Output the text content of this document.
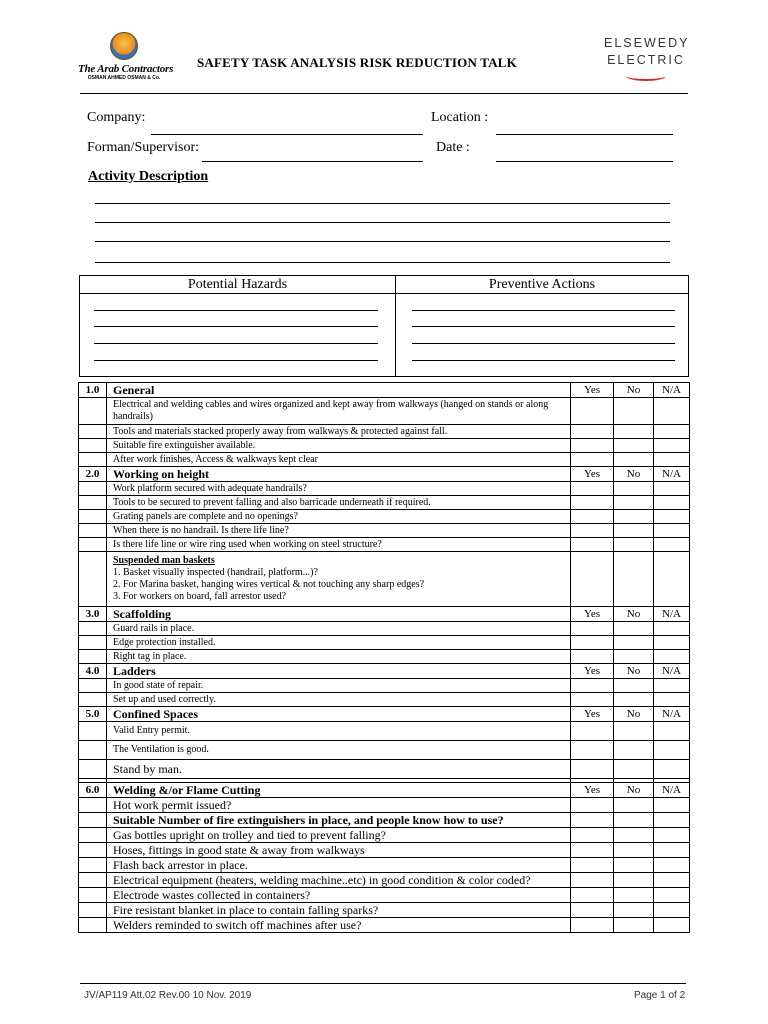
The Arab Contractors
OSMAN AHMED OSMAN & Co.
SAFETY TASK ANALYSIS RISK REDUCTION TALK
ELSEWEDY
ELECTRIC
Company:	Location :
Forman/Supervisor:	Date :
Activity Description
Potential Hazards	Preventive Actions
1.0	General	Yes	No	N/A
	Electrical and welding cables and wires organized and kept away from walkways (hanged on stands or along handrails)			
	Tools and materials stacked properly away from walkways & protected against fall.			
	Suitable fire extinguisher available.			
	After work finishes, Access & walkways kept clear			
2.0	Working on height	Yes	No	N/A
	Work platform secured with adequate handrails?			
	Tools to be secured to prevent falling and also barricade underneath if required.			
	Grating panels are complete and no openings?			
	When there is no handrail. Is there life line?			
	Is there life line or wire ring used when working on steel structure?			

	Suspended man baskets
1. Basket visually inspected (handrail, platform...)?
2. For Marina basket, hanging wires vertical & not touching any sharp edges?
3. For workers on board, fall arrestor used?			

3.0	Scaffolding	Yes	No	N/A
	Guard rails in place.			
	Edge protection installed.			
	Right tag in place.			
4.0	Ladders	Yes	No	N/A
	In good state of repair.			
	Set up and used correctly.			
5.0	Confined Spaces	Yes	No	N/A
	Valid Entry permit.			
	The Ventilation is good.			
	Stand by man.			

6.0	Welding &/or Flame Cutting	Yes	No	N/A
	Hot work permit issued?			
	Suitable Number of fire extinguishers in place, and people know how to use?			
	Gas bottles upright on trolley and tied to prevent falling?			
	Hoses, fittings in good state & away from walkways			
	Flash back arrestor in place.			
	Electrical equipment (heaters, welding machine..etc) in good condition & color coded?			
	Electrode wastes collected in containers?			
	Fire resistant blanket in place to contain falling sparks?			
	Welders reminded to switch off machines after use?			
JV/AP119 Att.02 Rev.00 10 Nov. 2019	Page 1 of 2
